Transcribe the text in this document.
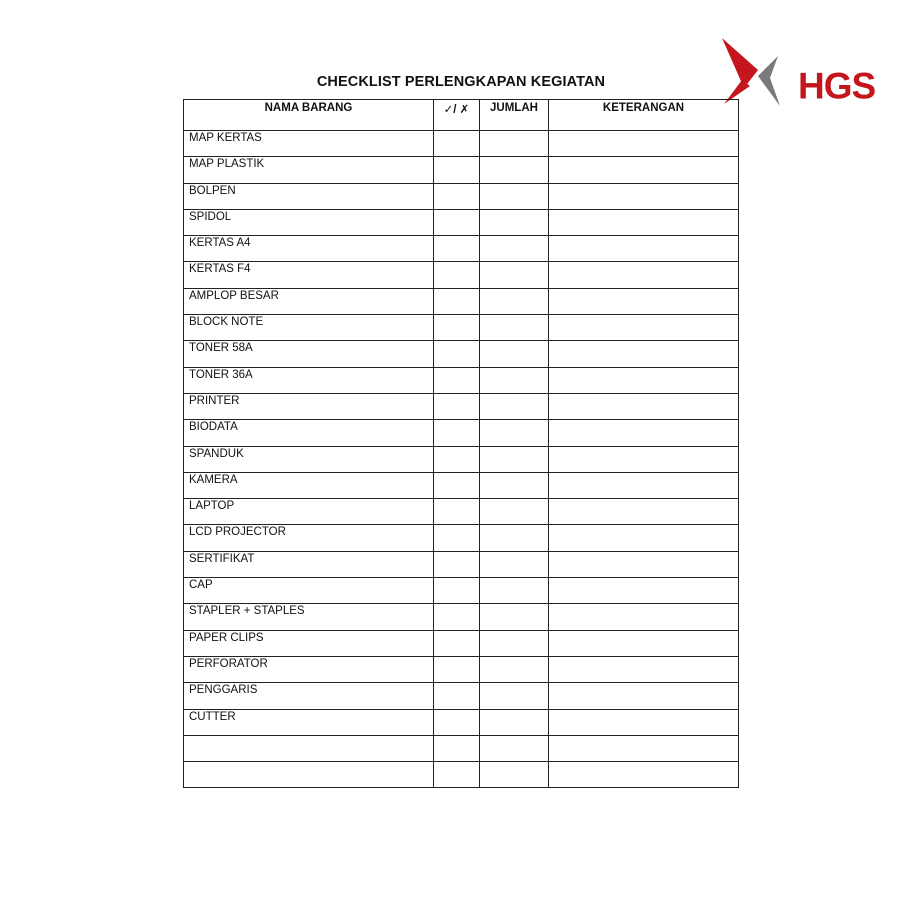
HGS
CHECKLIST PERLENGKAPAN KEGIATAN
NAMA BARANG	✓/ ✗	JUMLAH	KETERANGAN
MAP KERTAS			
MAP PLASTIK			
BOLPEN			
SPIDOL			
KERTAS A4			
KERTAS F4			
AMPLOP BESAR			
BLOCK NOTE			
TONER 58A			
TONER 36A			
PRINTER			
BIODATA			
SPANDUK			
KAMERA			
LAPTOP			
LCD PROJECTOR			
SERTIFIKAT			
CAP			
STAPLER + STAPLES			
PAPER CLIPS			
PERFORATOR			
PENGGARIS			
CUTTER			
